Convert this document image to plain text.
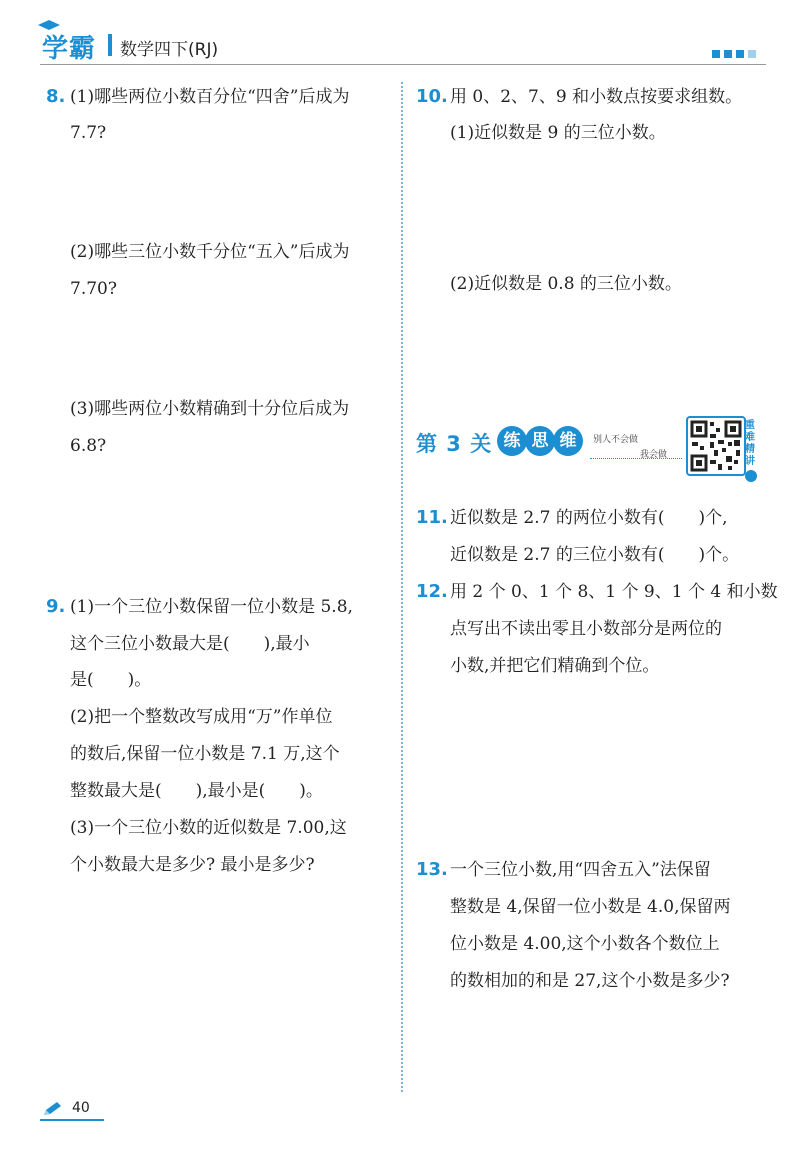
学霸 数学四下(RJ)
8. (1)哪些两位小数百分位“四舍”后成为
7.7?
(2)哪些三位小数千分位“五入”后成为
7.70?
(3)哪些两位小数精确到十分位后成为
6.8?
9. (1)一个三位小数保留一位小数是 5.8,
这个三位小数最大是(　　),最小
是(　　)。
(2)把一个整数改写成用“万”作单位
的数后,保留一位小数是 7.1 万,这个
整数最大是(　　),最小是(　　)。
(3)一个三位小数的近似数是 7.00,这
个小数最大是多少? 最小是多少?
10. 用 0、2、7、9 和小数点按要求组数。
(1)近似数是 9 的三位小数。
(2)近似数是 0.8 的三位小数。
第 3 关 练 思 维	别人不会做
我会做
重难精讲
11. 近似数是 2.7 的两位小数有(　　)个,
近似数是 2.7 的三位小数有(　　)个。
12. 用 2 个 0、1 个 8、1 个 9、1 个 4 和小数
点写出不读出零且小数部分是两位的
小数,并把它们精确到个位。
13. 一个三位小数,用“四舍五入”法保留
整数是 4,保留一位小数是 4.0,保留两
位小数是 4.00,这个小数各个数位上
的数相加的和是 27,这个小数是多少?
40
